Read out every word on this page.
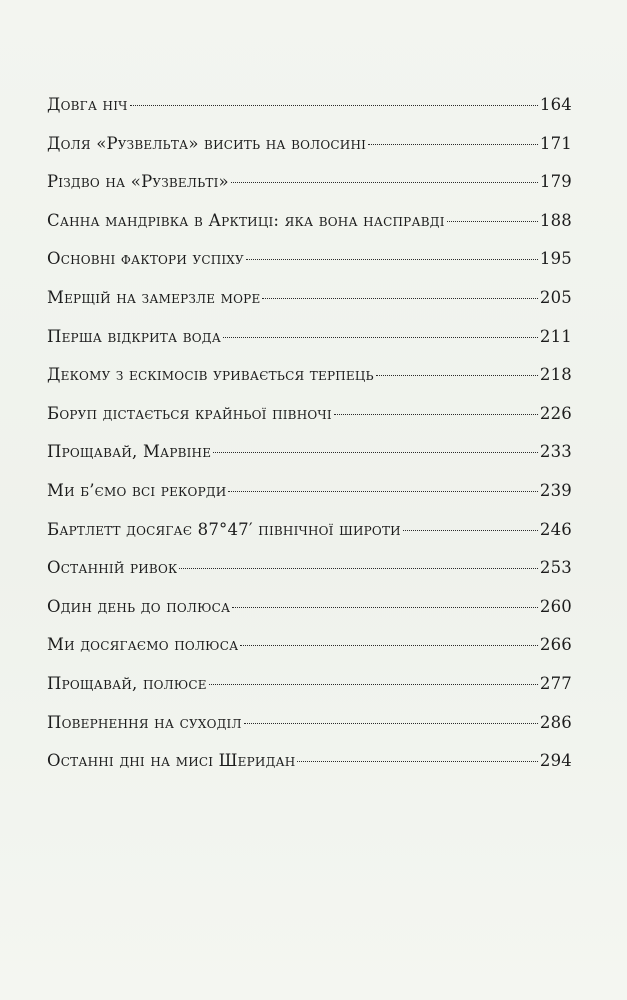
Довга ніч	164
Доля «Рузвельта» висить на волосині	171
Різдво на «Рузвельті»	179
Санна мандрівка в Арктиці: яка вона насправді	188
Основні фактори успіху	195
Мерщій на замерзле море	205
Перша відкрита вода	211
Декому з ескімосів уривається терпець	218
Боруп дістається крайньої півночі	226
Прощавай, Марвіне	233
Ми б’ємо всі рекорди	239
Бартлетт досягає 87°47′ північної широти	246
Останній ривок	253
Один день до полюса	260
Ми досягаємо полюса	266
Прощавай, полюсе	277
Повернення на суходіл	286
Останні дні на мисі Шеридан	294
